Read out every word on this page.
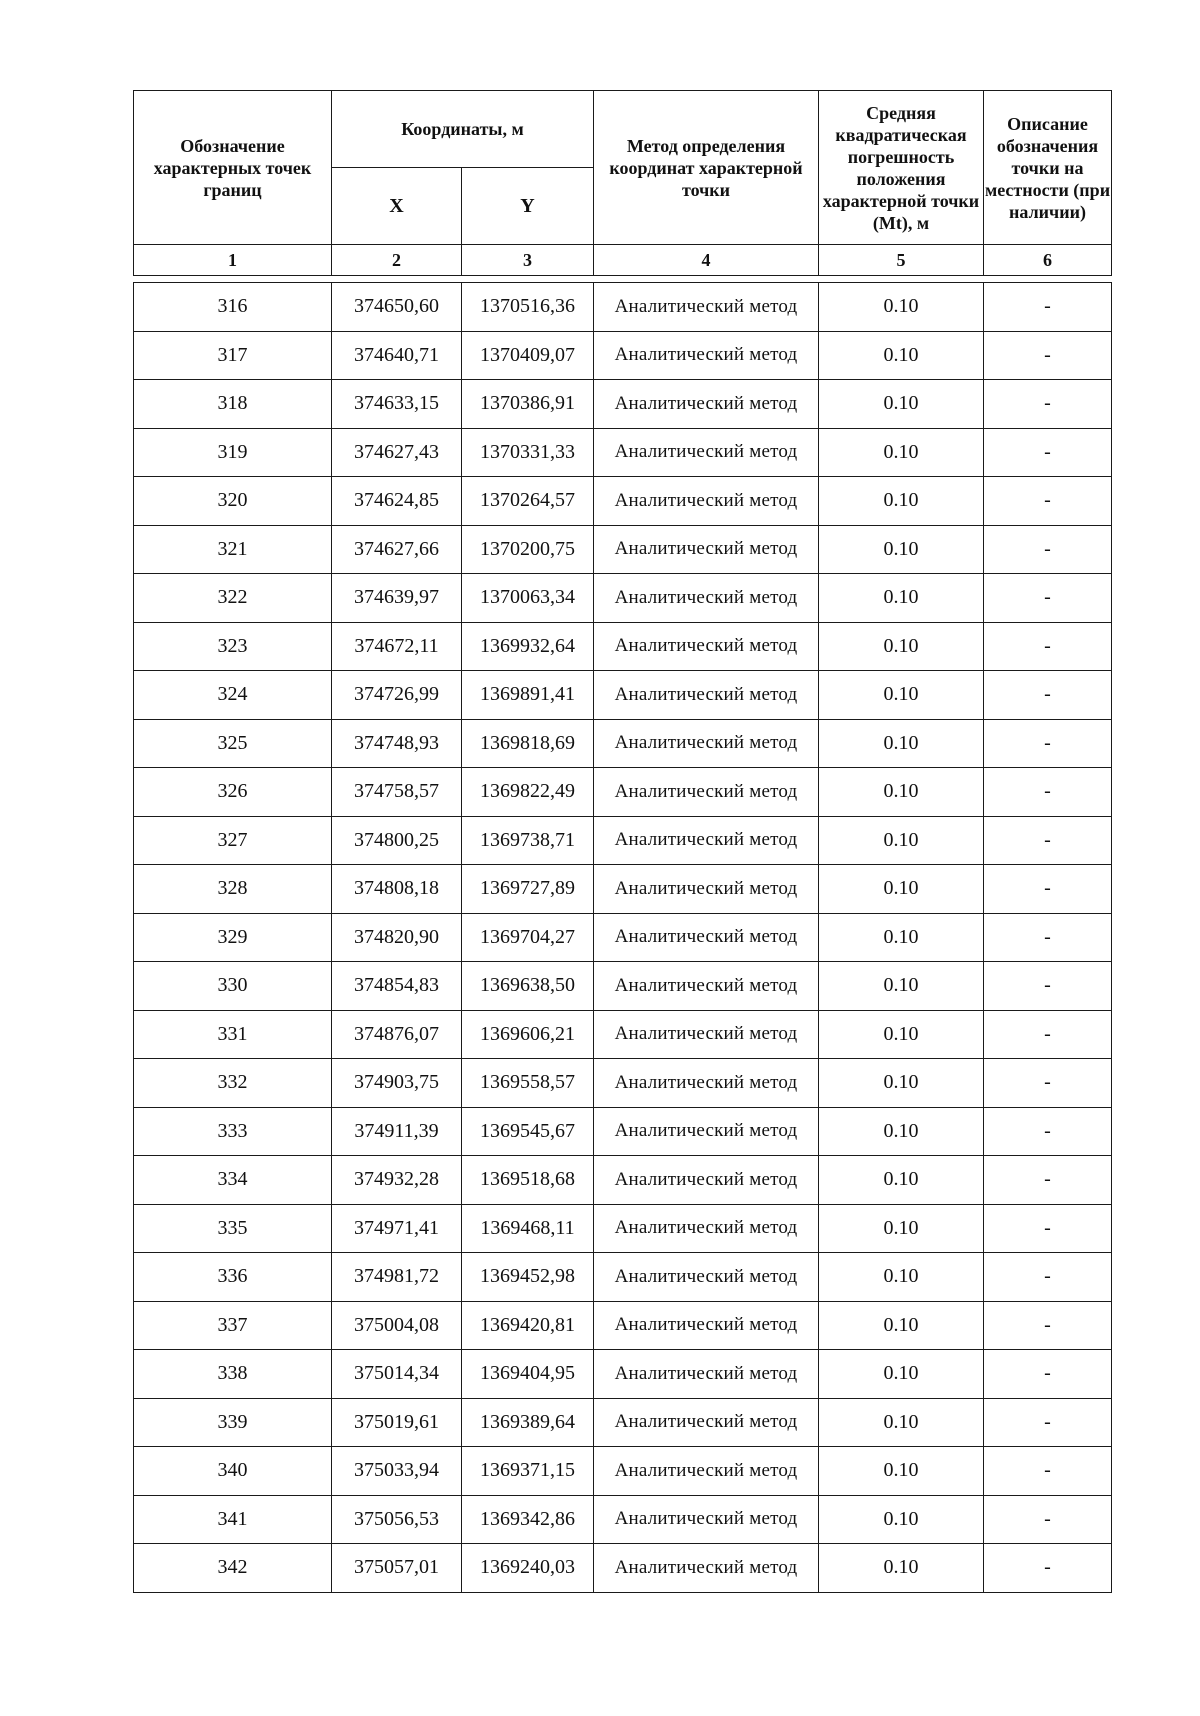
Обозначение характерных точек границ	Координаты, м		Метод определения координат характерной точки	Средняя квадратическая погрешность положения характерной точки (Mt), м	Описание обозначения точки на местности (при наличии)
	X	Y			
1	2	3	4	5	6

316	374650,60	1370516,36	Аналитический метод	0.10	-
317	374640,71	1370409,07	Аналитический метод	0.10	-
318	374633,15	1370386,91	Аналитический метод	0.10	-
319	374627,43	1370331,33	Аналитический метод	0.10	-
320	374624,85	1370264,57	Аналитический метод	0.10	-
321	374627,66	1370200,75	Аналитический метод	0.10	-
322	374639,97	1370063,34	Аналитический метод	0.10	-
323	374672,11	1369932,64	Аналитический метод	0.10	-
324	374726,99	1369891,41	Аналитический метод	0.10	-
325	374748,93	1369818,69	Аналитический метод	0.10	-
326	374758,57	1369822,49	Аналитический метод	0.10	-
327	374800,25	1369738,71	Аналитический метод	0.10	-
328	374808,18	1369727,89	Аналитический метод	0.10	-
329	374820,90	1369704,27	Аналитический метод	0.10	-
330	374854,83	1369638,50	Аналитический метод	0.10	-
331	374876,07	1369606,21	Аналитический метод	0.10	-
332	374903,75	1369558,57	Аналитический метод	0.10	-
333	374911,39	1369545,67	Аналитический метод	0.10	-
334	374932,28	1369518,68	Аналитический метод	0.10	-
335	374971,41	1369468,11	Аналитический метод	0.10	-
336	374981,72	1369452,98	Аналитический метод	0.10	-
337	375004,08	1369420,81	Аналитический метод	0.10	-
338	375014,34	1369404,95	Аналитический метод	0.10	-
339	375019,61	1369389,64	Аналитический метод	0.10	-
340	375033,94	1369371,15	Аналитический метод	0.10	-
341	375056,53	1369342,86	Аналитический метод	0.10	-
342	375057,01	1369240,03	Аналитический метод	0.10	-
